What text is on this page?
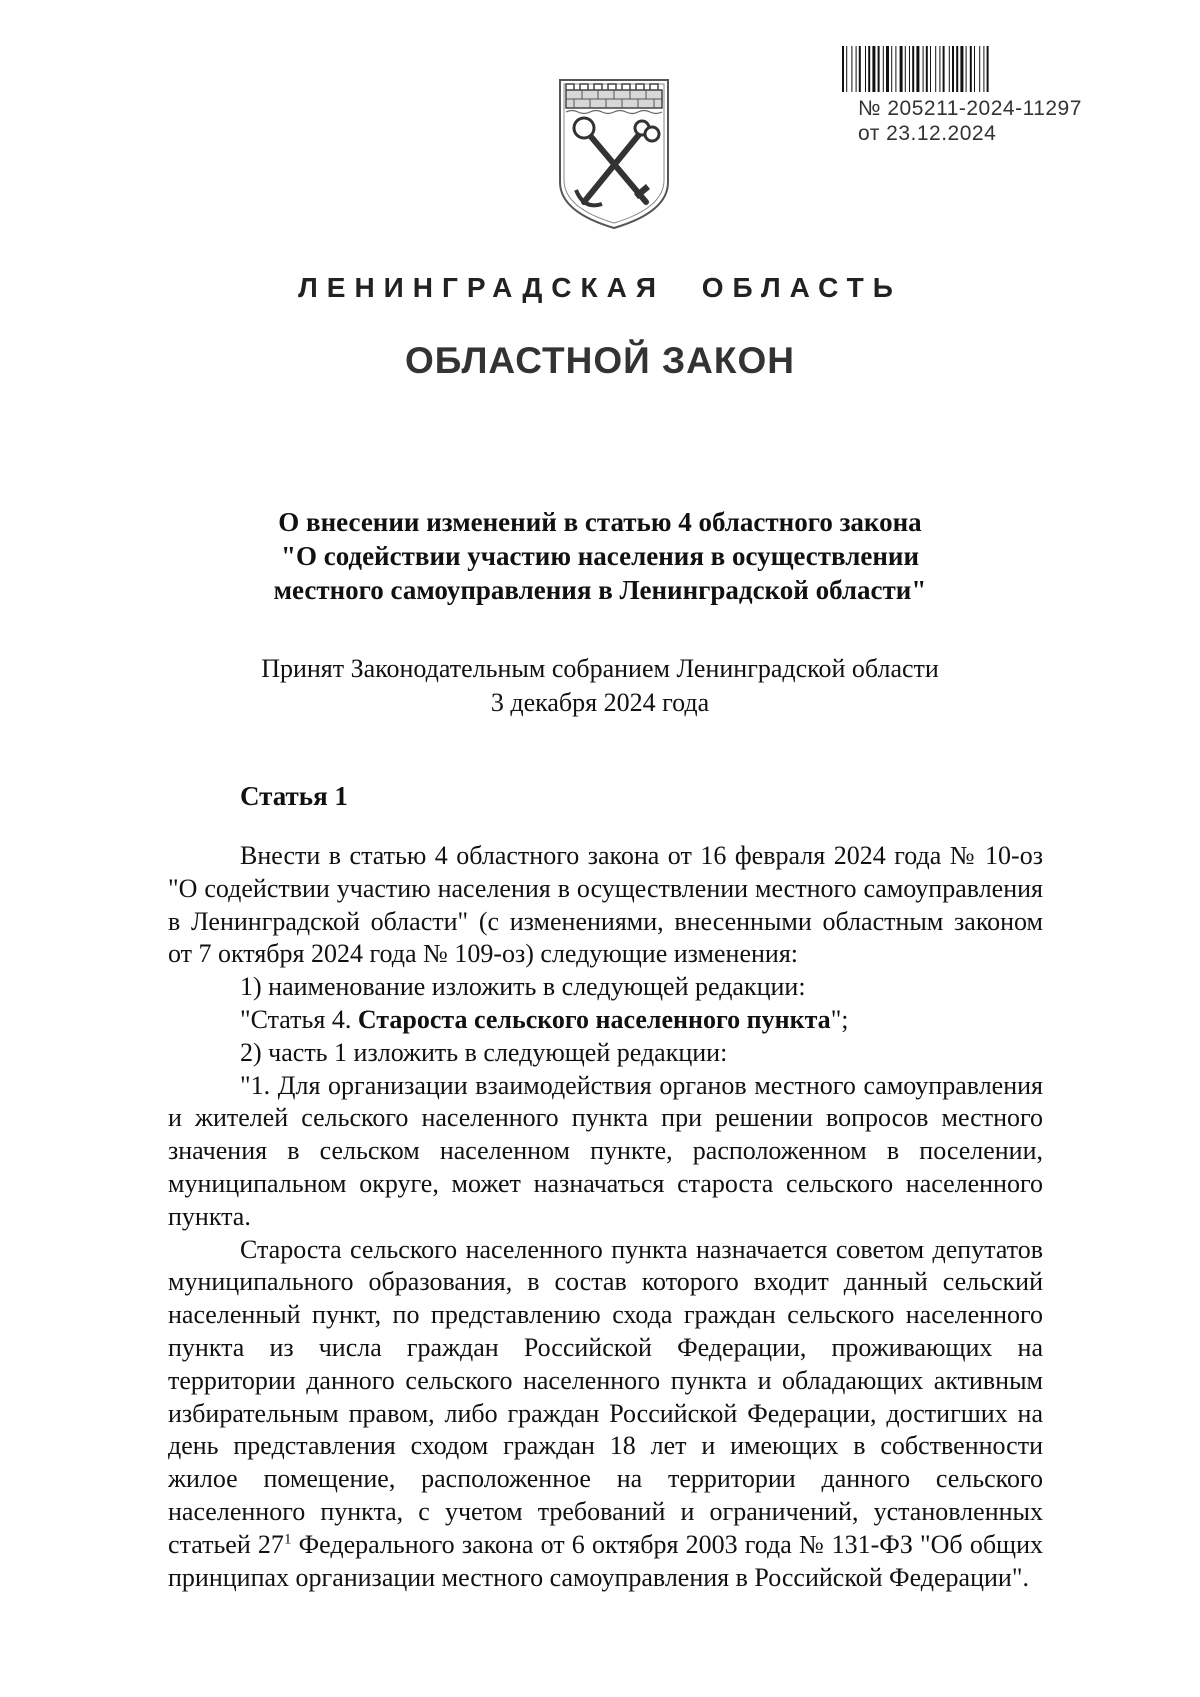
№ 205211-2024-11297
от 23.12.2024
ЛЕНИНГРАДСКАЯ ОБЛАСТЬ
ОБЛАСТНОЙ ЗАКОН
О внесении изменений в статью 4 областного закона
"О содействии участию населения в осуществлении
местного самоуправления в Ленинградской области"
Принят Законодательным собранием Ленинградской области
3 декабря 2024 года
Статья 1

Внести в статью 4 областного закона от 16 февраля 2024 года № 10-оз "О содействии участию населения в осуществлении местного самоуправления в Ленинградской области" (с изменениями, внесенными областным законом от 7 октября 2024 года № 109-оз) следующие изменения:

1) наименование изложить в следующей редакции:

"Статья 4. Староста сельского населенного пункта";

2) часть 1 изложить в следующей редакции:

"1. Для организации взаимодействия органов местного самоуправления и жителей сельского населенного пункта при решении вопросов местного значения в сельском населенном пункте, расположенном в поселении, муниципальном округе, может назначаться староста сельского населенного пункта.

Староста сельского населенного пункта назначается советом депутатов муниципального образования, в состав которого входит данный сельский населенный пункт, по представлению схода граждан сельского населенного пункта из числа граждан Российской Федерации, проживающих на территории данного сельского населенного пункта и обладающих активным избирательным правом, либо граждан Российской Федерации, достигших на день представления сходом граждан 18 лет и имеющих в собственности жилое помещение, расположенное на территории данного сельского населенного пункта, с учетом требований и ограничений, установленных статьей $27^1$ Федерального закона от 6 октября 2003 года № 131-ФЗ "Об общих принципах организации местного самоуправления в Российской Федерации".
